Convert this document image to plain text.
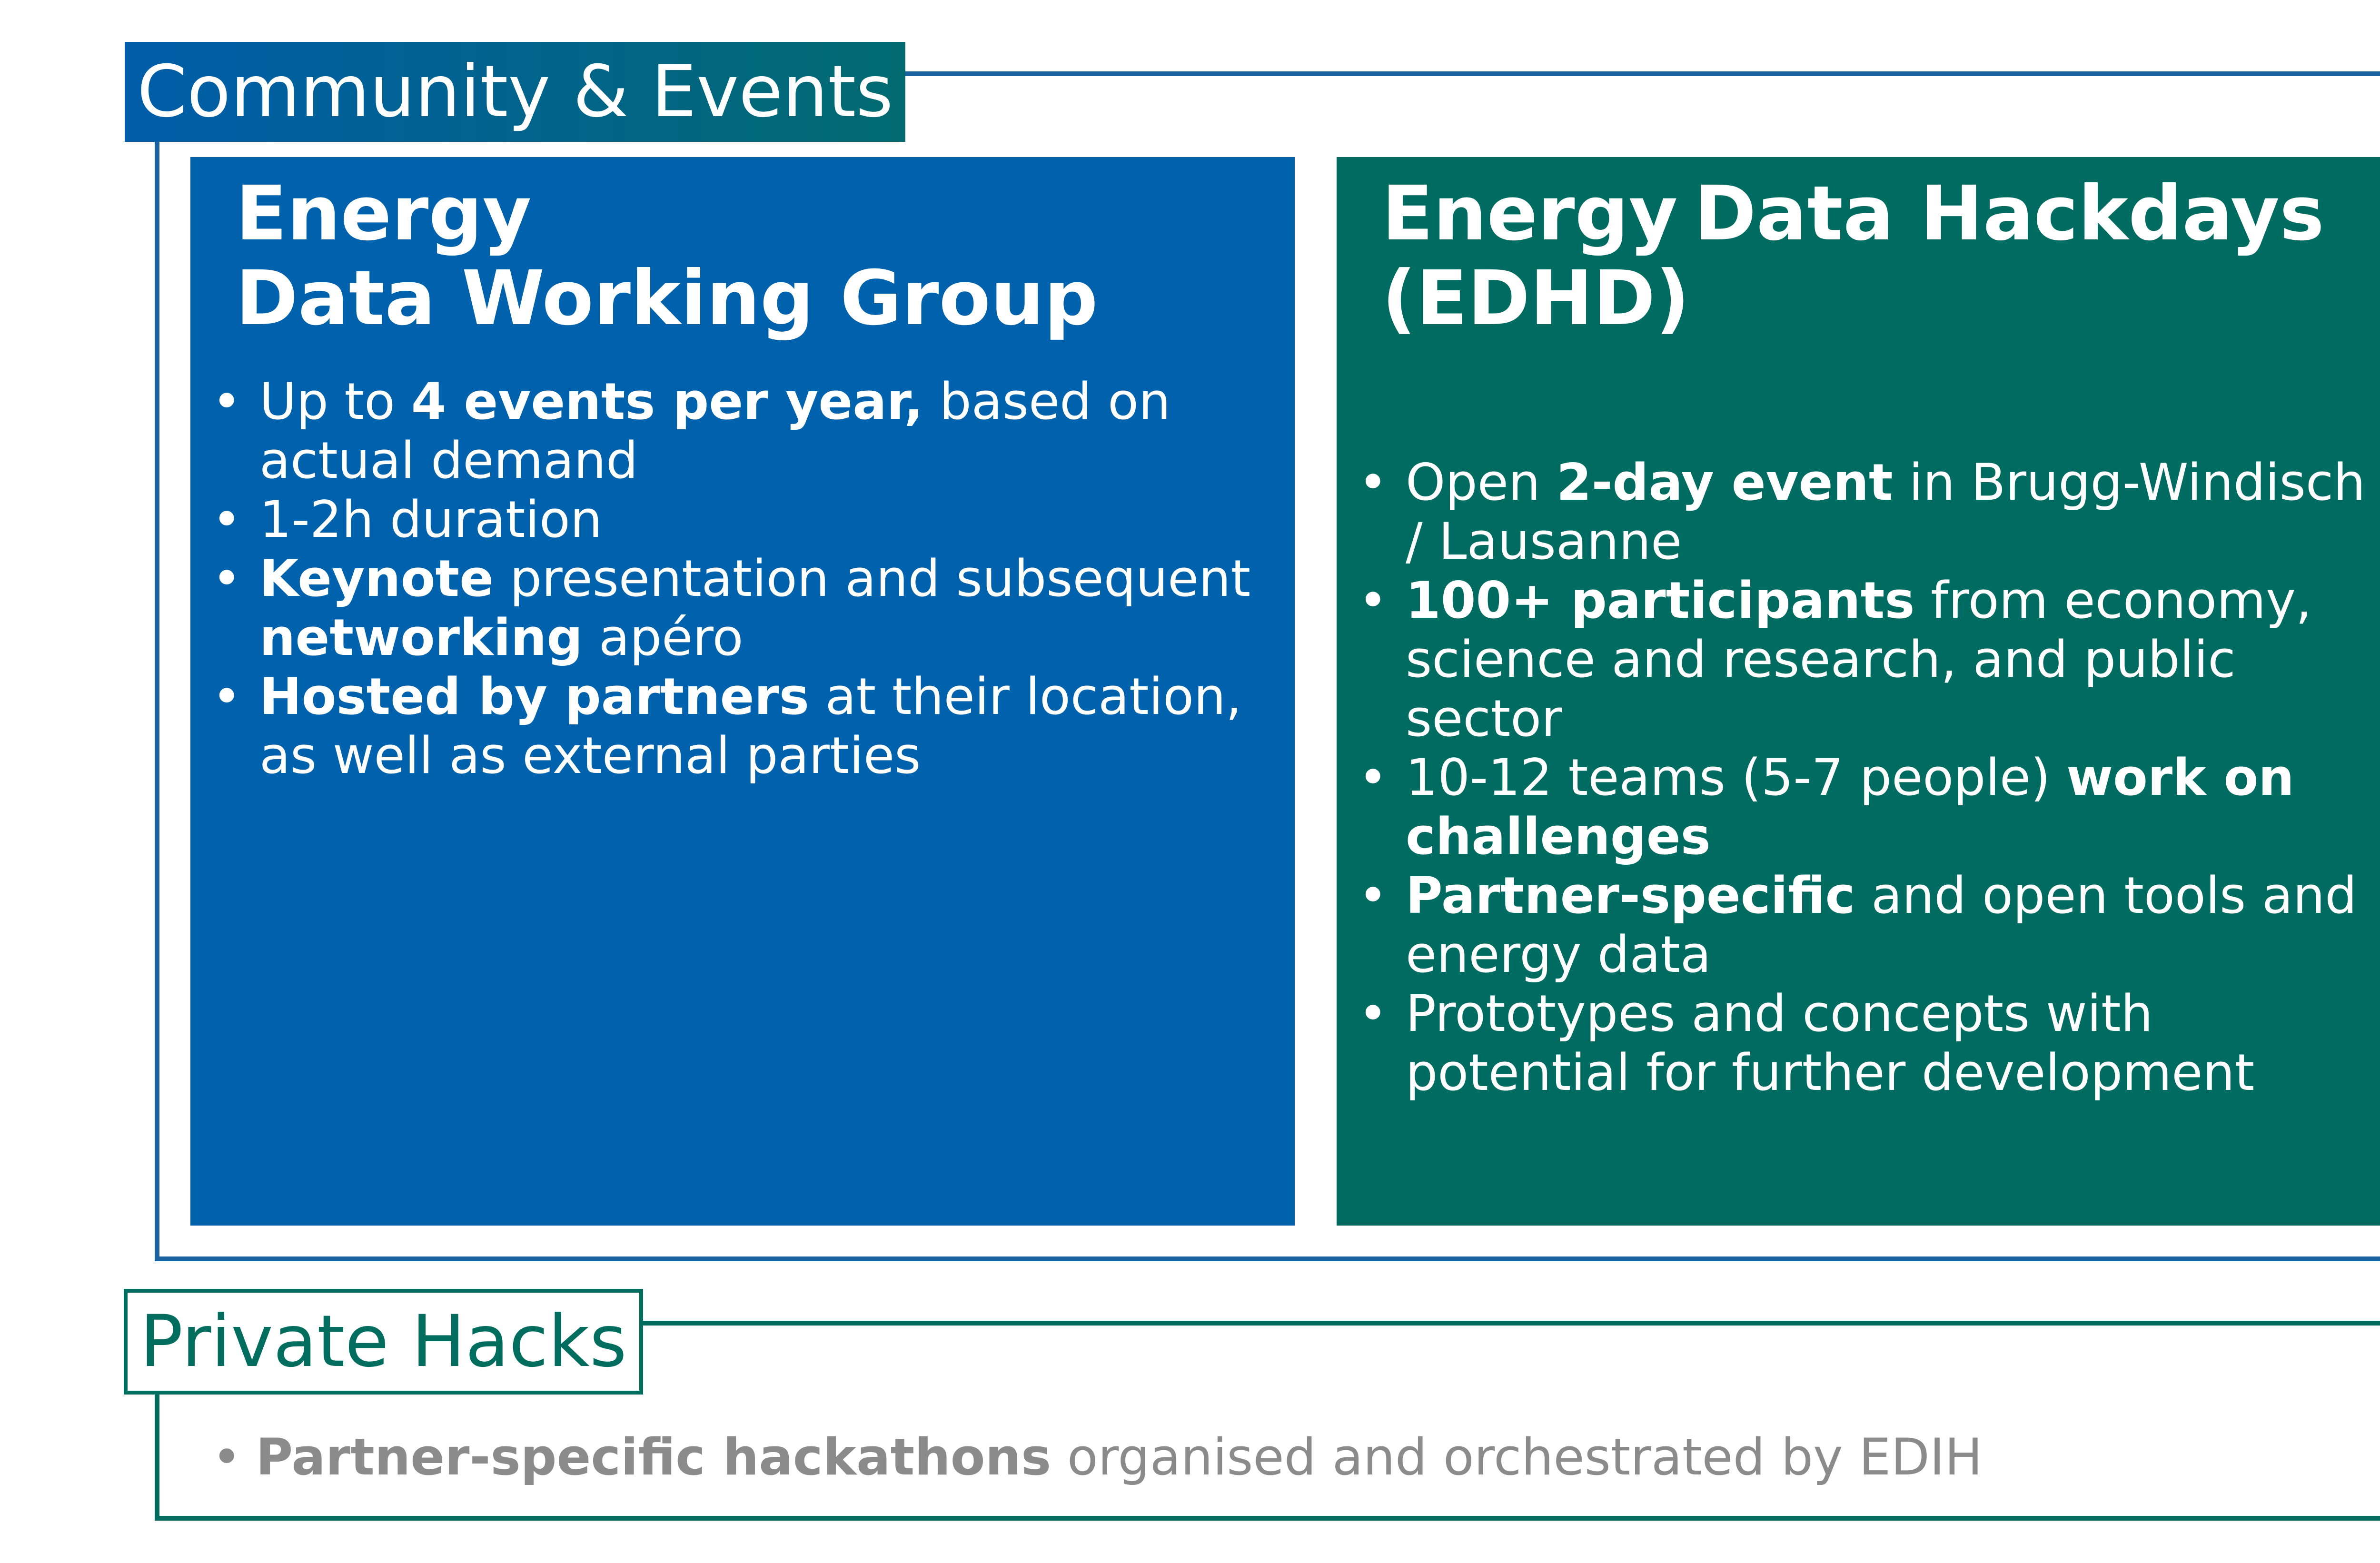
Community & Events
Energy
Data Working Group
• Up to 4 events per year, based on actual demand
• 1-2h duration
• Keynote presentation and subsequent networking apéro
• Hosted by partners at their location, as well as external parties
Energy Data Hackdays
(EDHD)
• Open 2-day event in Brugg-Windisch / Lausanne
• 100+ participants from economy, science and research, and public sector
• 10-12 teams (5-7 people) work on challenges
• Partner-specific and open tools and energy data
• Prototypes and concepts with potential for further development
Private Hacks
• Partner-specific hackathons organised and orchestrated by EDIH
